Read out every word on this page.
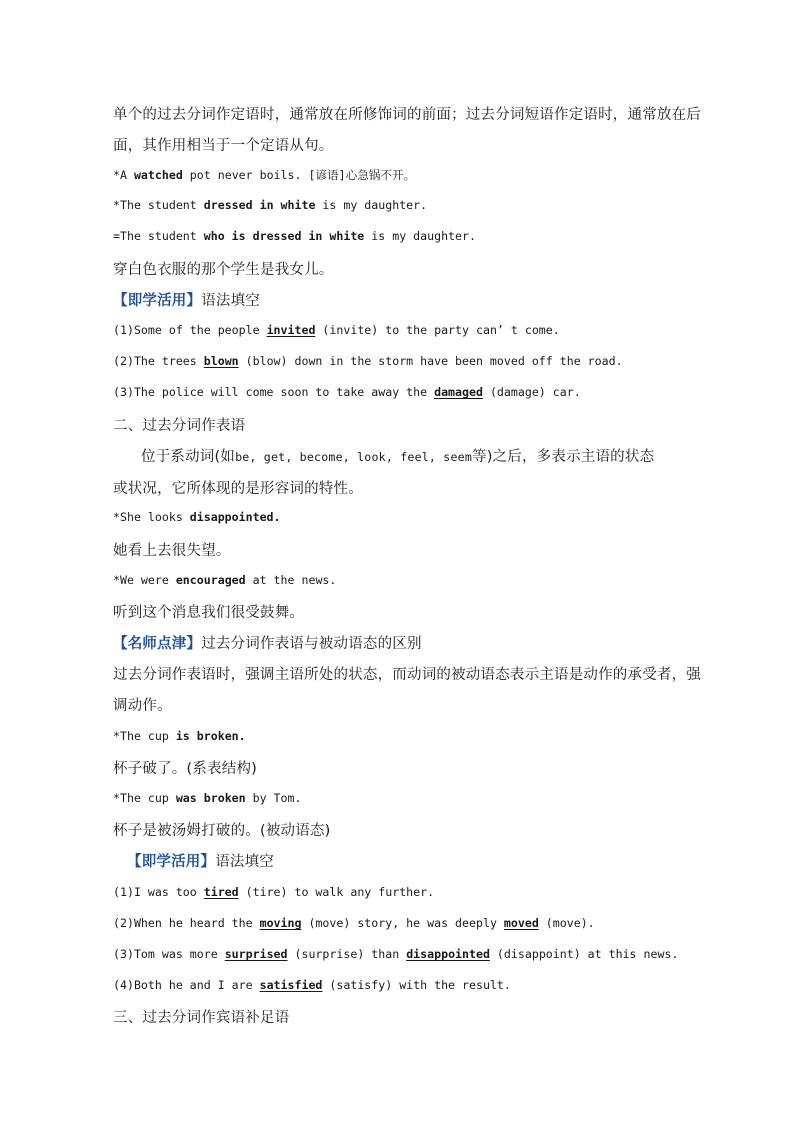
单个的过去分词作定语时，通常放在所修饰词的前面；过去分词短语作定语时，通常放在后
面，其作用相当于一个定语从句。
*A watched pot never boils. [谚语]心急锅不开。
*The student dressed in white is my daughter.
=The student who is dressed in white is my daughter.
穿白色衣服的那个学生是我女儿。
【即学活用】语法填空
(1)Some of the people invited (invite) to the party can’ t come.
(2)The trees blown (blow) down in the storm have been moved off the road.
(3)The police will come soon to take away the damaged (damage) car.
二、过去分词作表语
位于系动词(如be, get, become, look, feel, seem等)之后，多表示主语的状态
或状况，它所体现的是形容词的特性。
*She looks disappointed.
她看上去很失望。
*We were encouraged at the news.
听到这个消息我们很受鼓舞。
【名师点津】过去分词作表语与被动语态的区别
过去分词作表语时，强调主语所处的状态，而动词的被动语态表示主语是动作的承受者，强
调动作。
*The cup is broken.
杯子破了。(系表结构)
*The cup was broken by Tom.
杯子是被汤姆打破的。(被动语态)
【即学活用】语法填空
(1)I was too tired (tire) to walk any further.
(2)When he heard the moving (move) story, he was deeply moved (move).
(3)Tom was more surprised (surprise) than disappointed (disappoint) at this news.
(4)Both he and I are satisfied (satisfy) with the result.
三、过去分词作宾语补足语
